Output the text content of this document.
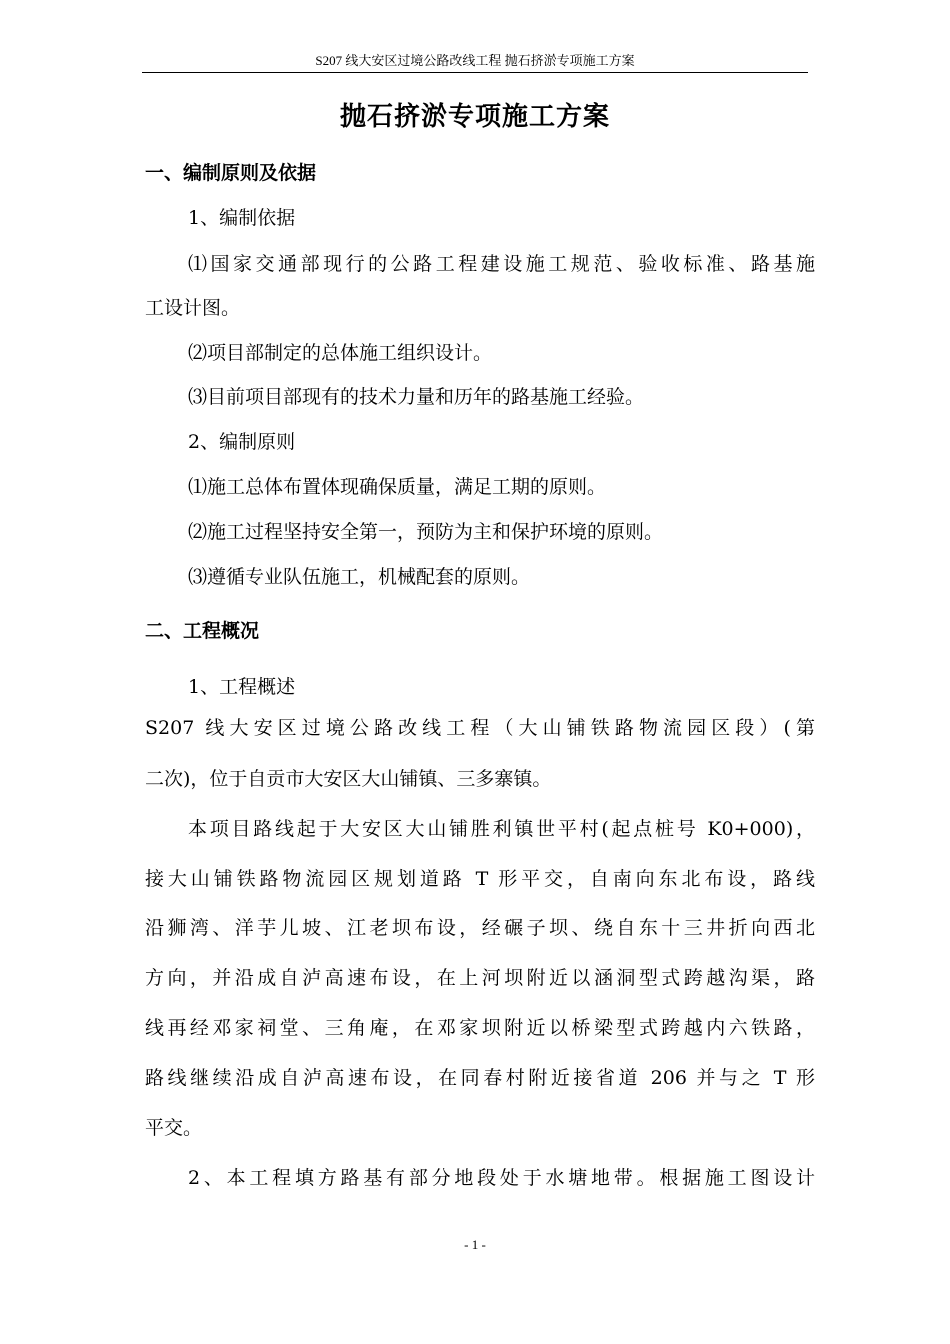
S207 线大安区过境公路改线工程 抛石挤淤专项施工方案
抛石挤淤专项施工方案
一、编制原则及依据
1、编制依据
⑴国家交通部现行的公路工程建设施工规范、验收标准、路基施
工设计图。
⑵项目部制定的总体施工组织设计。
⑶目前项目部现有的技术力量和历年的路基施工经验。
2、编制原则
⑴施工总体布置体现确保质量，满足工期的原则。
⑵施工过程坚持安全第一，预防为主和保护环境的原则。
⑶遵循专业队伍施工，机械配套的原则。
二、工程概况
1、工程概述
S207 线大安区过境公路改线工程（大山铺铁路物流园区段）(第
二次)，位于自贡市大安区大山铺镇、三多寨镇。
本项目路线起于大安区大山铺胜利镇世平村(起点桩号 K0+000)，
接大山铺铁路物流园区规划道路 T 形平交，自南向东北布设，路线
沿狮湾、洋芋儿坡、江老坝布设，经碾子坝、绕自东十三井折向西北
方向，并沿成自泸高速布设，在上河坝附近以涵洞型式跨越沟渠，路
线再经邓家祠堂、三角庵，在邓家坝附近以桥梁型式跨越内六铁路，
路线继续沿成自泸高速布设，在同春村附近接省道 206 并与之 T 形
平交。
2、本工程填方路基有部分地段处于水塘地带。根据施工图设计
- 1 -
